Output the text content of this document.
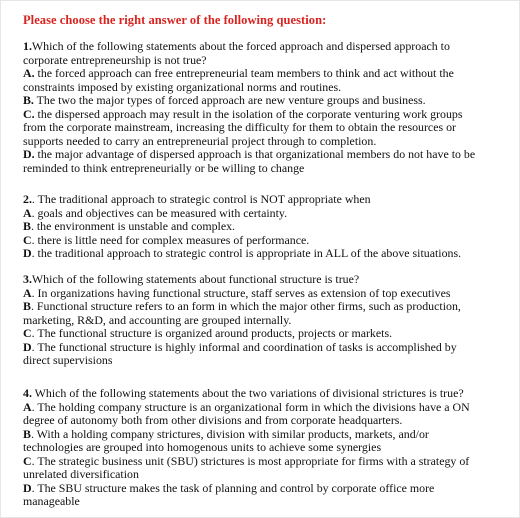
Please choose the right answer of the following question:
1.Which of the following statements about the forced approach and dispersed approach to
corporate entrepreneurship is not true?
A. the forced approach can free entrepreneurial team members to think and act without the
constraints imposed by existing organizational norms and routines.
B. The two the major types of forced approach are new venture groups and business.
C. the dispersed approach may result in the isolation of the corporate venturing work groups
from the corporate mainstream, increasing the difficulty for them to obtain the resources or
supports needed to carry an entrepreneurial project through to completion.
D. the major advantage of dispersed approach is that organizational members do not have to be
reminded to think entrepreneurially or be willing to change
2.. The traditional approach to strategic control is NOT appropriate when
A. goals and objectives can be measured with certainty.
B. the environment is unstable and complex.
C. there is little need for complex measures of performance.
D. the traditional approach to strategic control is appropriate in ALL of the above situations.
3.Which of the following statements about functional structure is true?
A. In organizations having functional structure, staff serves as extension of top executives
B. Functional structure refers to an form in which the major other firms, such as production,
marketing, R&D, and accounting are grouped internally.
C. The functional structure is organized around products, projects or markets.
D. The functional structure is highly informal and coordination of tasks is accomplished by
direct supervisions
4. Which of the following statements about the two variations of divisional strictures is true?
A. The holding company structure is an organizational form in which the divisions have a ON
degree of autonomy both from other divisions and from corporate headquarters.
B. With a holding company strictures, division with similar products, markets, and/or
technologies are grouped into homogenous units to achieve some synergies
C. The strategic business unit (SBU) strictures is most appropriate for firms with a strategy of
unrelated diversification
D. The SBU structure makes the task of planning and control by corporate office more
manageable
